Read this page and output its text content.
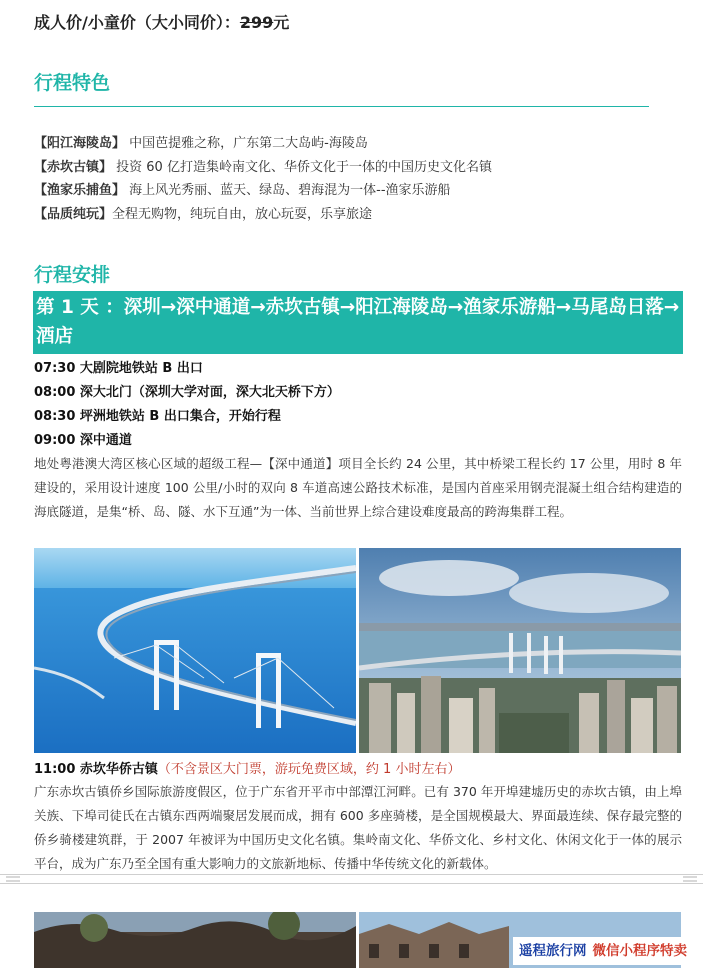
成人价/小童价（大小同价）：299元
行程特色
【阳江海陵岛】 中国芭提雅之称，广东第二大岛屿-海陵岛
【赤坎古镇】 投资 60 亿打造集岭南文化、华侨文化于一体的中国历史文化名镇
【渔家乐捕鱼】 海上风光秀丽、蓝天、绿岛、碧海混为一体--渔家乐游船
【品质纯玩】全程无购物，纯玩自由，放心玩耍，乐享旅途
行程安排
第 1 天 ：深圳→深中通道→赤坎古镇→阳江海陵岛→渔家乐游船→马尾岛日落→酒店
07:30 大剧院地铁站 B 出口
08:00 深大北门（深圳大学对面，深大北天桥下方）
08:30 坪洲地铁站 B 出口集合，开始行程
09:00 深中通道
地处粤港澳大湾区核心区域的超级工程—【深中通道】项目全长约 24 公里，其中桥梁工程长约 17 公里，用时 8 年建设的，采用设计速度 100 公里/小时的双向 8 车道高速公路技术标准，是国内首座采用钢壳混凝土组合结构建造的海底隧道，是集“桥、岛、隧、水下互通”为一体、当前世界上综合建设难度最高的跨海集群工程。
11:00 赤坎华侨古镇（不含景区大门票，游玩免费区域，约 1 小时左右）
广东赤坎古镇侨乡国际旅游度假区，位于广东省开平市中部潭江河畔。已有 370 年开埠建墟历史的赤坎古镇，由上埠关族、下埠司徒氏在古镇东西两端聚居发展而成，拥有 600 多座骑楼，是全国规模最大、界面最连续、保存最完整的侨乡骑楼建筑群，于 2007 年被评为中国历史文化名镇。集岭南文化、华侨文化、乡村文化、休闲文化于一体的展示平台，成为广东乃至全国有重大影响力的文旅新地标、传播中华传统文化的新载体。
遥程旅行网 微信小程序特卖
